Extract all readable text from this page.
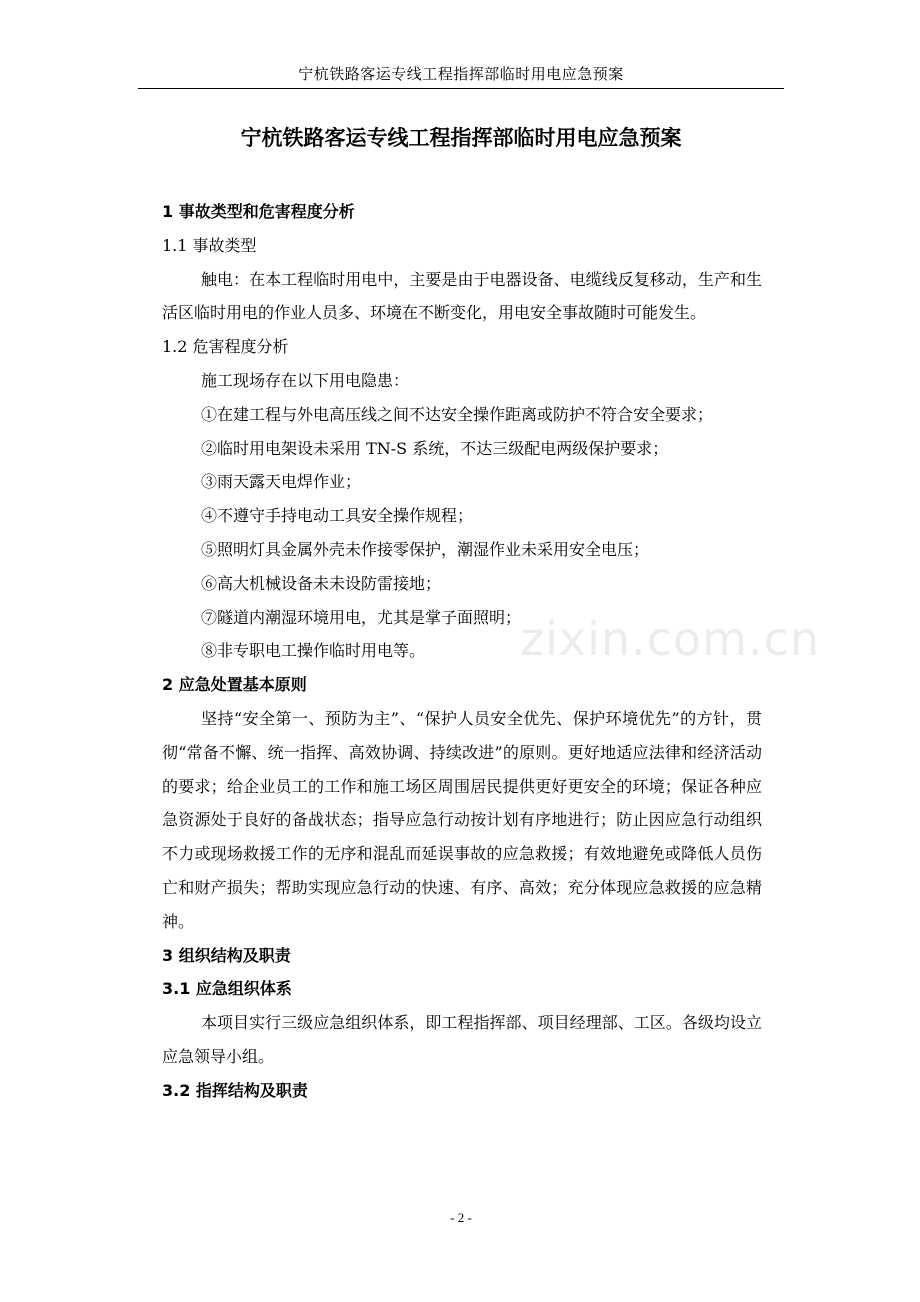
宁杭铁路客运专线工程指挥部临时用电应急预案
宁杭铁路客运专线工程指挥部临时用电应急预案

1 事故类型和危害程度分析

1.1 事故类型

触电：在本工程临时用电中，主要是由于电器设备、电缆线反复移动，生产和生活区临时用电的作业人员多、环境在不断变化，用电安全事故随时可能发生。

1.2 危害程度分析

施工现场存在以下用电隐患：

①在建工程与外电高压线之间不达安全操作距离或防护不符合安全要求；

②临时用电架设未采用 TN-S 系统，不达三级配电两级保护要求；

③雨天露天电焊作业；

④不遵守手持电动工具安全操作规程；

⑤照明灯具金属外壳未作接零保护，潮湿作业未采用安全电压；

⑥高大机械设备未未设防雷接地；

⑦隧道内潮湿环境用电，尤其是掌子面照明；

⑧非专职电工操作临时用电等。

2 应急处置基本原则

坚持“安全第一、预防为主”、“保护人员安全优先、保护环境优先”的方针，贯彻“常备不懈、统一指挥、高效协调、持续改进”的原则。更好地适应法律和经济活动的要求；给企业员工的工作和施工场区周围居民提供更好更安全的环境；保证各种应急资源处于良好的备战状态；指导应急行动按计划有序地进行；防止因应急行动组织不力或现场救援工作的无序和混乱而延误事故的应急救援；有效地避免或降低人员伤亡和财产损失；帮助实现应急行动的快速、有序、高效；充分体现应急救援的应急精神。

3 组织结构及职责

3.1 应急组织体系

本项目实行三级应急组织体系，即工程指挥部、项目经理部、工区。各级均设立应急领导小组。

3.2 指挥结构及职责

zixin.com.cn
- 2 -
